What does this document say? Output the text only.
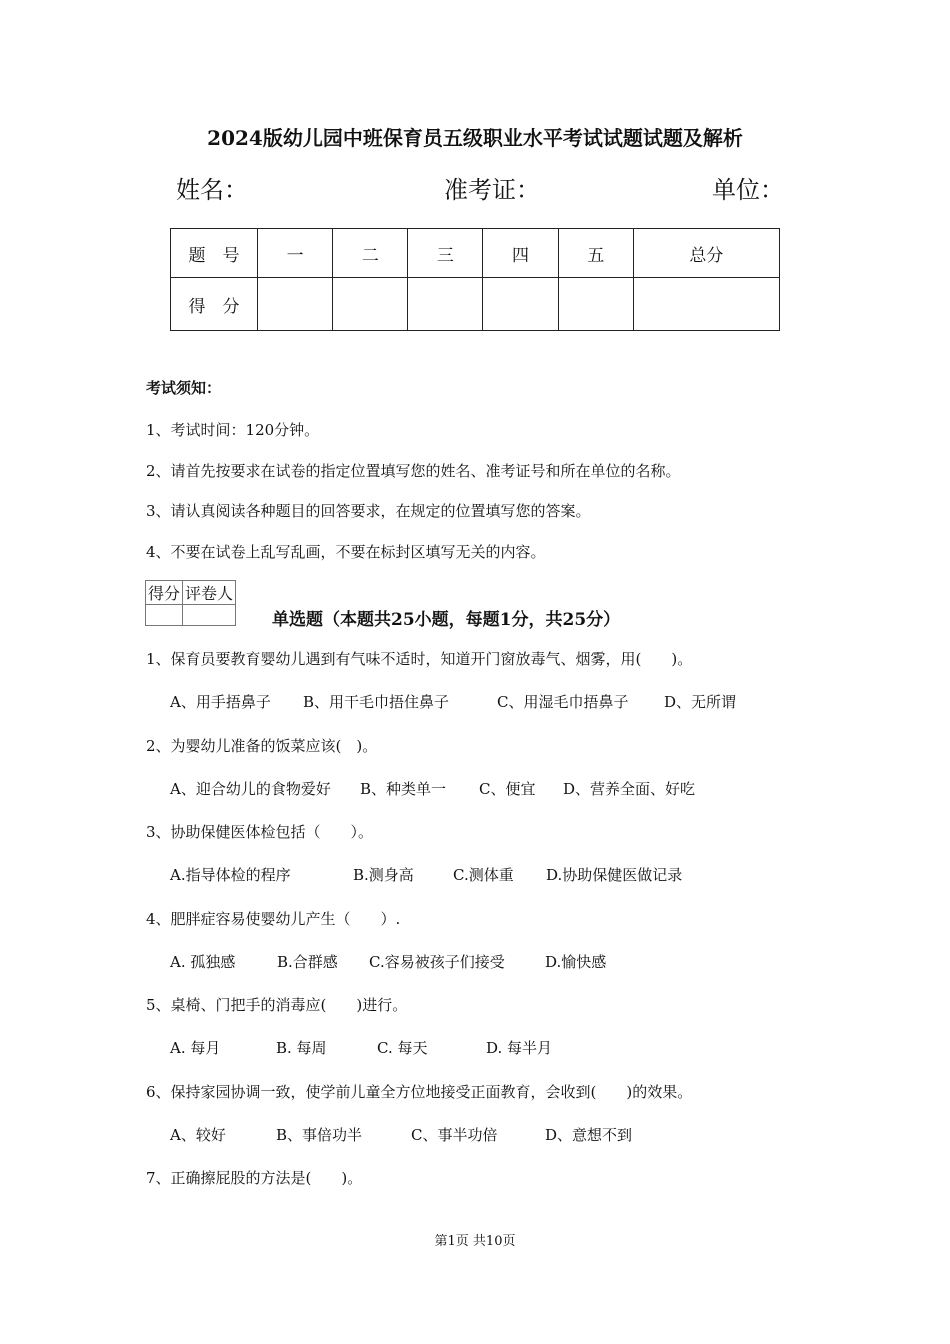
2024版幼儿园中班保育员五级职业水平考试试题试题及解析
姓名：	准考证：	单位：
题　号	一	二	三	四	五	总分
得　分						
考试须知：
1、考试时间：120分钟。
2、请首先按要求在试卷的指定位置填写您的姓名、准考证号和所在单位的名称。
3、请认真阅读各种题目的回答要求，在规定的位置填写您的答案。
4、不要在试卷上乱写乱画，不要在标封区填写无关的内容。
得分	评卷人

单选题（本题共25小题，每题1分，共25分）
1、保育员要教育婴幼儿遇到有气味不适时，知道开门窗放毒气、烟雾，用(　　)。
A、用手捂鼻子 B、用干毛巾捂住鼻子	C、用湿毛巾捂鼻子 D、无所谓
2、为婴幼儿准备的饭菜应该(　)。
A、迎合幼儿的食物爱好 B、种类单一 C、便宜 D、营养全面、好吃
3、协助保健医体检包括（　　）。
A.指导体检的程序	B.测身高	C.测体重 D.协助保健医做记录
4、肥胖症容易使婴幼儿产生（　　）.
A. 孤独感	B.合群感 C.容易被孩子们接受	D.愉快感
5、桌椅、门把手的消毒应(　　)进行。
A. 每月	B. 每周	C. 每天	D. 每半月
6、保持家园协调一致，使学前儿童全方位地接受正面教育，会收到(　　)的效果。
A、较好	B、事倍功半	C、事半功倍	D、意想不到
7、正确擦屁股的方法是(　　)。
第1页 共10页
